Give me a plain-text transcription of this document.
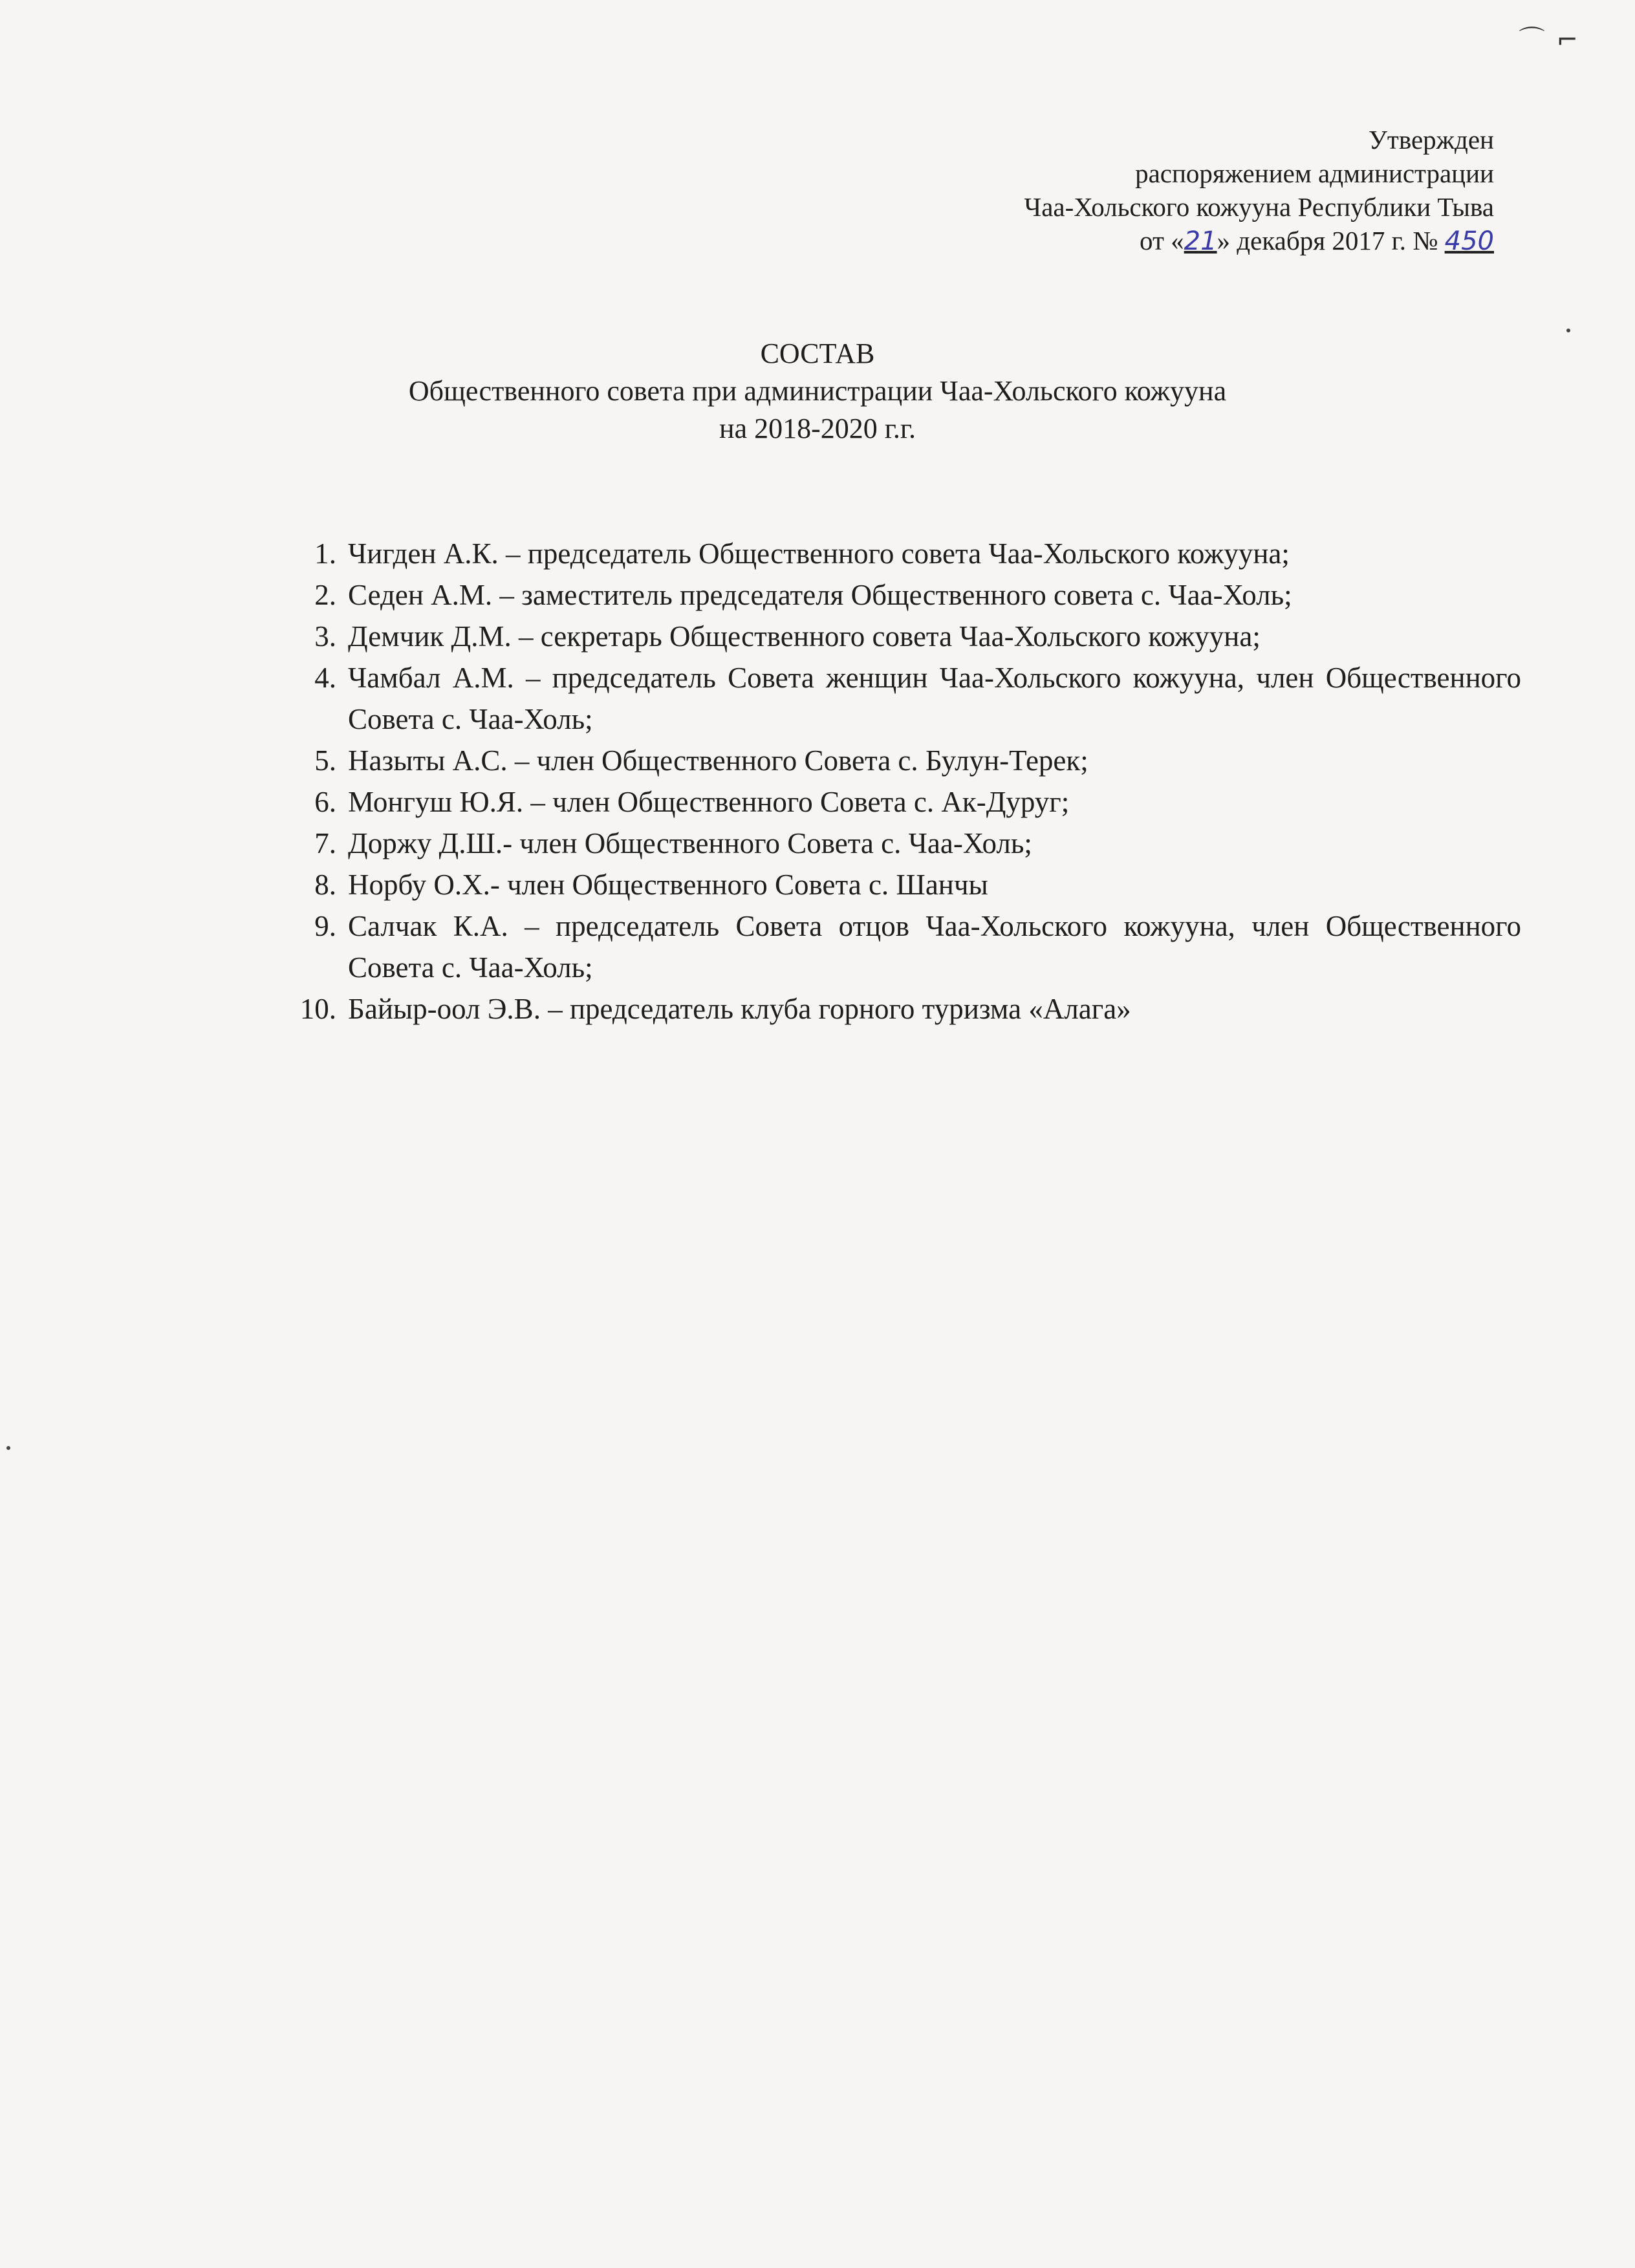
⌒⌐
Утвержден
распоряжением администрации
Чаа-Хольского кожууна Республики Тыва
от «21» декабря 2017 г. № 450
СОСТАВ
Общественного совета при администрации Чаа-Хольского кожууна
на 2018-2020 г.г.
1. Чигден А.К. – председатель Общественного совета Чаа-Хольского кожууна;
2. Седен А.М. – заместитель председателя Общественного совета с. Чаа-Холь;
3. Демчик Д.М. – секретарь Общественного совета Чаа-Хольского кожууна;
4. Чамбал А.М. – председатель Совета женщин Чаа-Хольского кожууна, член Общественного Совета с. Чаа-Холь;
5. Назыты А.С. – член Общественного Совета с. Булун-Терек;
6. Монгуш Ю.Я. – член Общественного Совета с. Ак-Дуруг;
7. Доржу Д.Ш.- член Общественного Совета с. Чаа-Холь;
8. Норбу О.Х.- член Общественного Совета с. Шанчы
9. Салчак К.А. – председатель Совета отцов Чаа-Хольского кожууна, член Общественного Совета с. Чаа-Холь;
10. Байыр-оол Э.В. – председатель клуба горного туризма «Алага»
